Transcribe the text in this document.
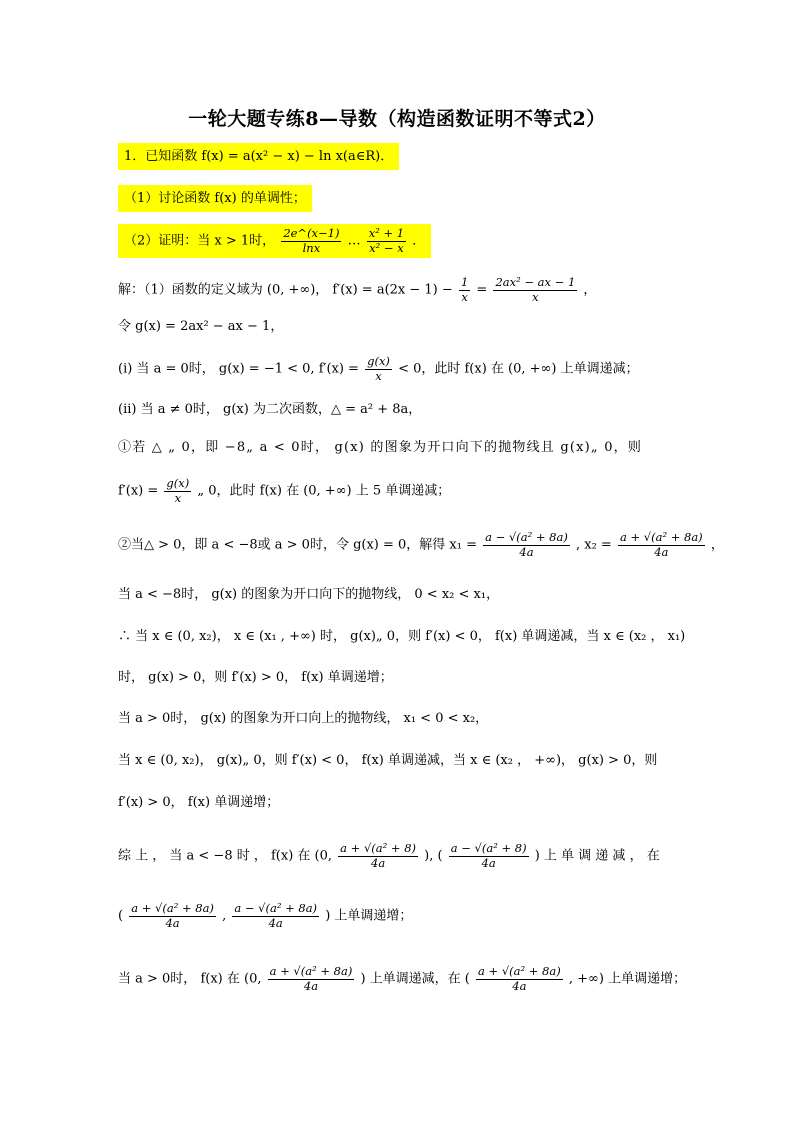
一轮大题专练8—导数（构造函数证明不等式2）
1．已知函数 f(x) = a(x² − x) − ln x(a∈R)．
（1）讨论函数 f(x) 的单调性；
（2）证明：当 x > 1时， $\frac{2e\^{}(x-1)}{\ln x}$ … $\frac{\text{x² + 1}}{\text{x² − x}}$ ．
解：（1）函数的定义域为 (0, +∞)， $f'(x) = a(2x - 1) - \frac{1}{x} = \frac{\text{2ax² − ax − 1}}{x}$ ，
令 g(x) = 2ax² − ax − 1，
(i) 当 a = 0时， g(x) = −1 < 0, $f'(x) = \frac{g(x)}{x} < 0$，此时 f(x) 在 (0, +∞) 上单调递减；
(ii) 当 a ≠ 0时， g(x) 为二次函数，△ = a² + 8a，
①若 △ „ 0，即 −8„ a < 0时， g(x) 的图象为开口向下的抛物线且 g(x)„ 0，则
$f'(x) = \frac{g(x)}{x}$ „ 0，此时 f(x) 在 (0, +∞) 上 5 单调递减；
②当△ > 0，即 a < −8或 a > 0时，令 g(x) = 0，解得 $x_1 = \frac{\text{a − √(a² + 8a)}}{4a}$ , $x_2 = \frac{\text{a + √(a² + 8a)}}{4a}$ ，
当 a < −8时， g(x) 的图象为开口向下的抛物线， 0 < x₂ < x₁，
∴ 当 x ∈ (0, x₂)， x ∈ (x₁ , +∞) 时， g(x)„ 0，则 f′(x) < 0， f(x) 单调递减，当 x ∈ (x₂ ， x₁)
时， g(x) > 0，则 f′(x) > 0， f(x) 单调递增；
当 a > 0时， g(x) 的图象为开口向上的抛物线， x₁ < 0 < x₂，
当 x ∈ (0, x₂)， g(x)„ 0，则 f′(x) < 0， f(x) 单调递减，当 x ∈ (x₂ ， +∞)， g(x) > 0，则
f′(x) > 0， f(x) 单调递增；
综 上 ， 当 a < −8 时 ， f(x) 在 (0, $\frac{\text{a + √(a² + 8)}}{4a}$ ), ( $\frac{\text{a − √(a² + 8)}}{4a}$ ) 上 单 调 递 减 ， 在
( $\frac{\text{a + √(a² + 8a)}}{4a}$ , $\frac{\text{a − √(a² + 8a)}}{4a}$ ) 上单调递增；
当 a > 0时， f(x) 在 (0, $\frac{\text{a + √(a² + 8a)}}{4a}$ ) 上单调递减，在 ( $\frac{\text{a + √(a² + 8a)}}{4a}$ , +∞) 上单调递增；
